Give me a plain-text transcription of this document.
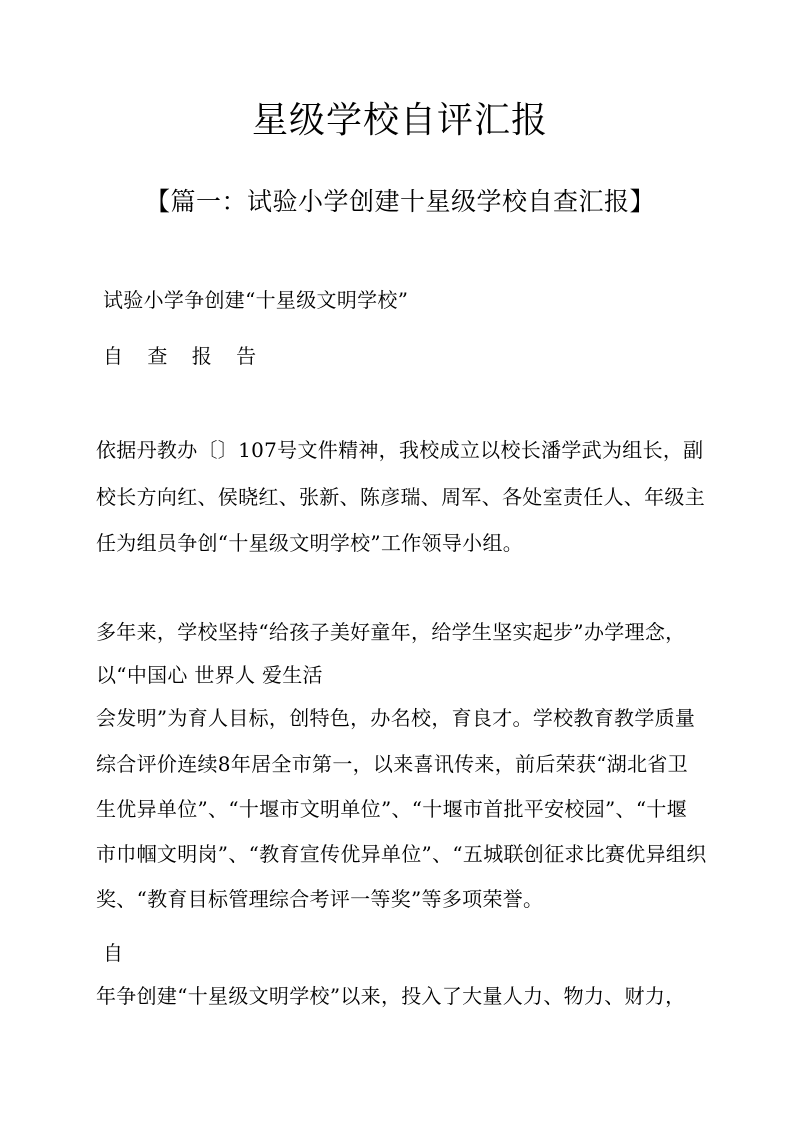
星级学校自评汇报
【篇一：试验小学创建十星级学校自查汇报】
试验小学争创建“十星级文明学校”
自 查 报 告
依据丹教办〔〕107号文件精神，我校成立以校长潘学武为组长，副
校长方向红、侯晓红、张新、陈彦瑞、周军、各处室责任人、年级主
任为组员争创“十星级文明学校”工作领导小组。
多年来，学校坚持“给孩子美好童年，给学生坚实起步”办学理念，
以“中国心 世界人 爱生活
会发明”为育人目标，创特色，办名校，育良才。学校教育教学质量
综合评价连续8年居全市第一，以来喜讯传来，前后荣获“湖北省卫
生优异单位”、“十堰市文明单位”、“十堰市首批平安校园”、“十堰
市巾帼文明岗”、“教育宣传优异单位”、“五城联创征求比赛优异组织
奖、“教育目标管理综合考评一等奖”等多项荣誉。
自
年争创建“十星级文明学校”以来，投入了大量人力、物力、财力，
